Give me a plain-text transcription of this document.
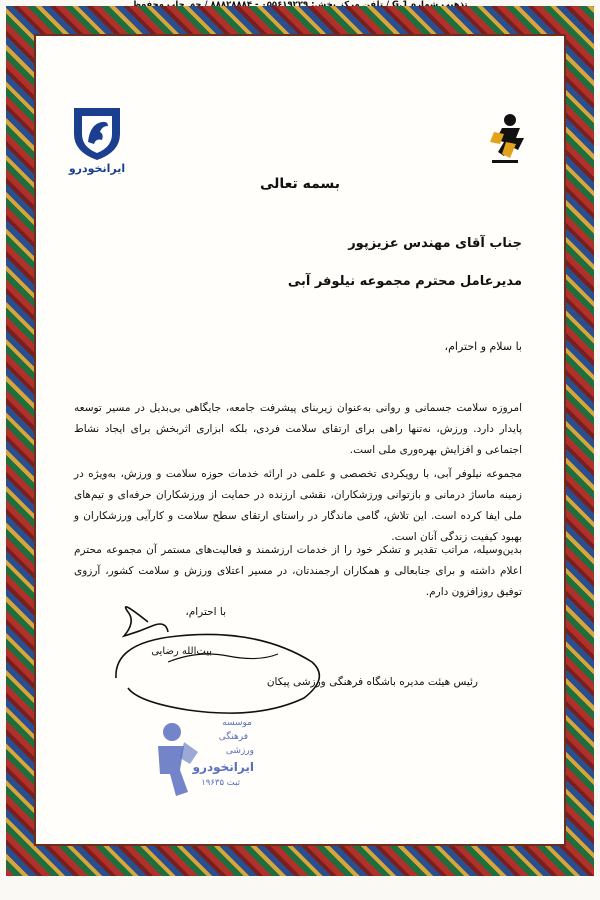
ایرانخودرو
بسمه تعالی
جناب آقای مهندس عزیزپور
مدیرعامل محترم مجموعه نیلوفر آبی
با سلام و احترام،
امروزه سلامت جسمانی و روانی به‌عنوان زیربنای پیشرفت جامعه، جایگاهی بی‌بدیل در مسیر توسعه پایدار دارد. ورزش، نه‌تنها راهی برای ارتقای سلامت فردی، بلکه ابزاری اثربخش برای ایجاد نشاط اجتماعی و افزایش بهره‌وری ملی است.
مجموعه نیلوفر آبی، با رویکردی تخصصی و علمی در ارائه خدمات حوزه سلامت و ورزش، به‌ویژه در زمینه ماساژ درمانی و بازتوانی ورزشکاران، نقشی ارزنده در حمایت از ورزشکاران حرفه‌ای و تیم‌های ملی ایفا کرده است. این تلاش، گامی ماندگار در راستای ارتقای سطح سلامت و کارآیی ورزشکاران و بهبود کیفیت زندگی آنان است.
بدین‌وسیله، مراتب تقدیر و تشکر خود را از خدمات ارزشمند و فعالیت‌های مستمر آن مجموعه محترم اعلام داشته و برای جنابعالی و همکاران ارجمندتان، در مسیر اعتلای ورزش و سلامت کشور، آرزوی توفیق روزافزون دارم.
با احترام،
بیت‌الله رضایی
رئیس هیئت مدیره باشگاه فرهنگی ورزشی پیکان
موسسه
فرهنگی
ورزشی
ایرانخودرو
ثبت ۱۹۶۳۵
تذهیب شماره G.1 / تلفن مرکز پخش: ۰۵۵۶۱۹۲۲۹ - ۸۸۸۲۸۸۸۴ / حق چاپ محفوظ
